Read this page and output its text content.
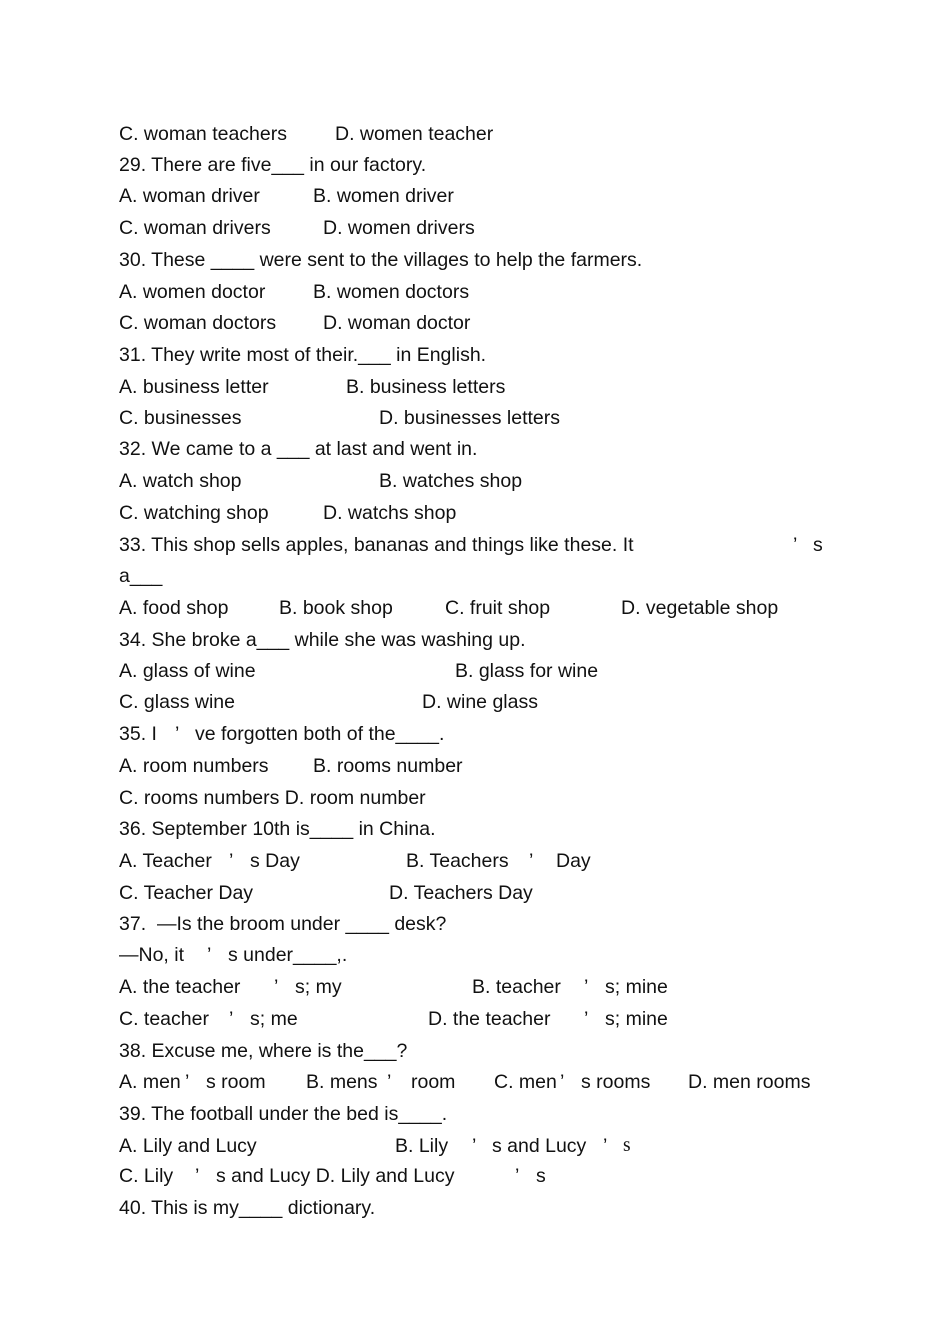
C. woman teachers D. women teacher
29. There are five___ in our factory.
A. woman driver	B. women driver
C. woman drivers	D. women drivers
30. These ____ were sent to the villages to help the farmers.
A. women doctor B. women doctors
C. woman doctors D. woman doctor
31. They write most of their.___ in English.
A. business letter	B. business letters
C. businesses	D. businesses letters
32. We came to a ___ at last and went in.
A. watch shop	B. watches shop
C. watching shop	D. watchs shop
33. This shop sells apples, bananas and things like these. It	’ s
a___
A. food shop	B. book shop	C. fruit shop	D. vegetable shop
34. She broke a___ while she was washing up.
A. glass of wine	B. glass for wine
C. glass wine	D. wine glass
35. I ’ ve forgotten both of the____.
A. room numbers B. rooms number
C. rooms numbers D. room number
36. September 10th is____ in China.
A. Teacher ’ s Day	B. Teachers ’ Day
C. Teacher Day	D. Teachers Day
37.  —Is the broom under ____ desk?
—No, it ’ s under____,.
A. the teacher ’ s; my	B. teacher ’ s; mine
C. teacher ’ s; me	D. the teacher ’ s; mine
38. Excuse me, where is the___?
A. men ’ s room B. mens ’ room C. men ’ s rooms D. men rooms
39. The football under the bed is____.
A. Lily and Lucy	B. Lily ’ s and Lucy ’ s
C. Lily ’ s and Lucy D. Lily and Lucy	’ s
40. This is my____ dictionary.
